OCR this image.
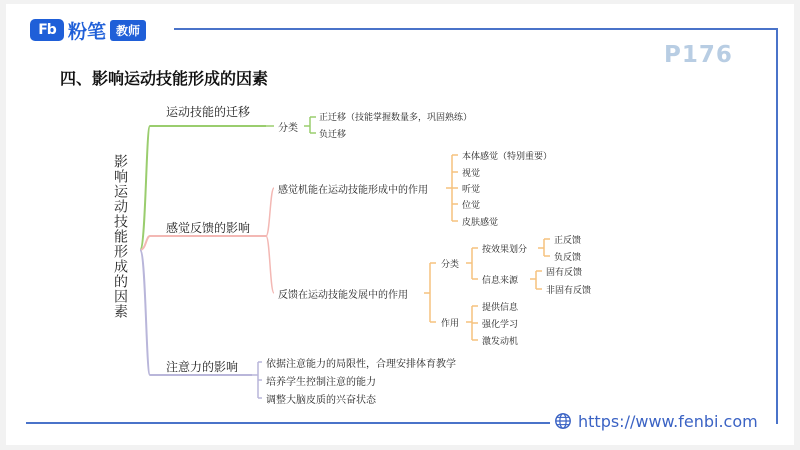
Fb 粉笔 教师
P176
四、影响运动技能形成的因素
影响运动技能形成的因素
运动技能的迁移
感觉反馈的影响
注意力的影响
分类
正迁移（技能掌握数量多，巩固熟练）
负迁移
感觉机能在运动技能形成中的作用
本体感觉（特别重要）
视觉
听觉
位觉
皮肤感觉
反馈在运动技能发展中的作用
分类
按效果划分
正反馈
负反馈
信息来源
固有反馈
非固有反馈
作用
提供信息
强化学习
激发动机
依据注意能力的局限性，合理安排体育教学
培养学生控制注意的能力
调整大脑皮质的兴奋状态
https://www.fenbi.com
